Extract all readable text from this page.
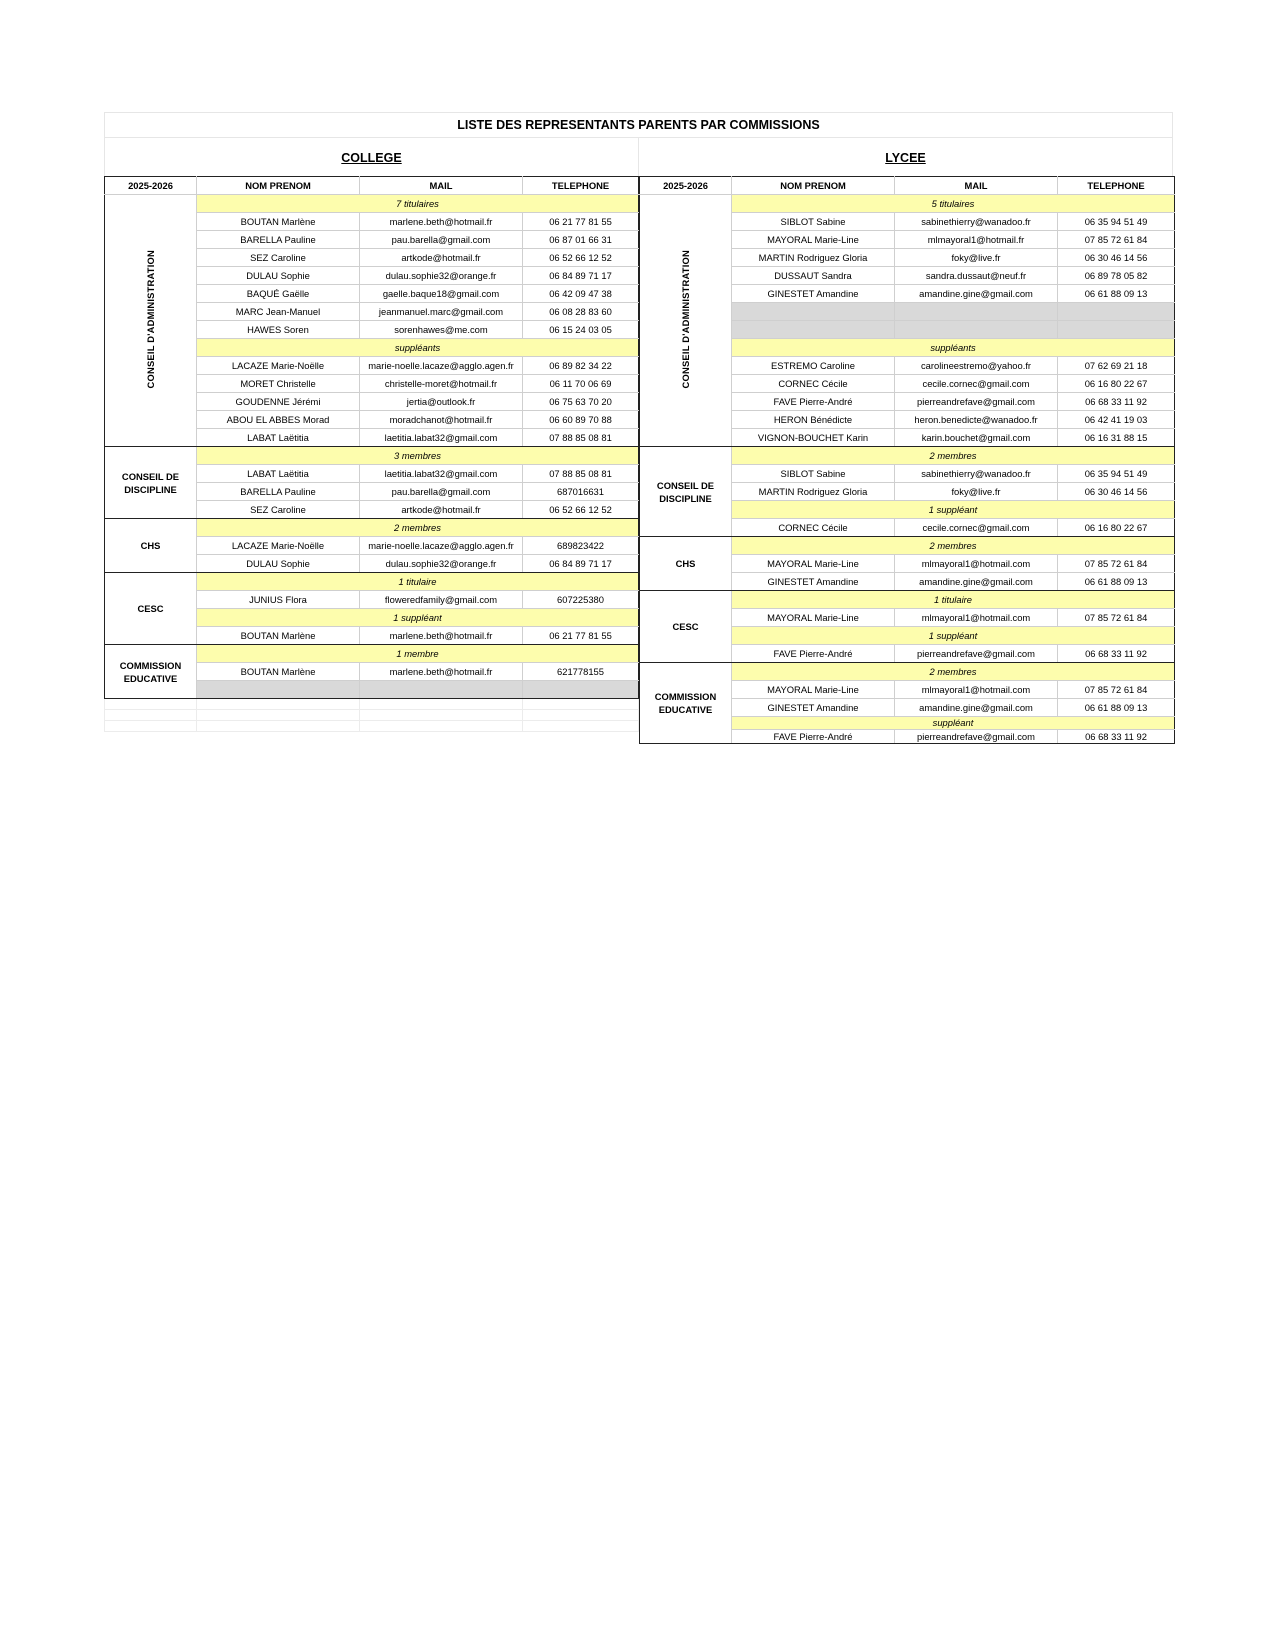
LISTE DES REPRESENTANTS PARENTS PAR COMMISSIONS
COLLEGE	LYCEE
2025-2026	NOM PRENOM	MAIL	TELEPHONE
CONSEIL D'ADMINISTRATION	7 titulaires		
	BOUTAN Marlène	marlene.beth@hotmail.fr	06 21 77 81 55
	BARELLA Pauline	pau.barella@gmail.com	06 87 01 66 31
	SEZ Caroline	artkode@hotmail.fr	06 52 66 12 52
	DULAU Sophie	dulau.sophie32@orange.fr	06 84 89 71 17
	BAQUÉ Gaëlle	gaelle.baque18@gmail.com	06 42 09 47 38
	MARC Jean-Manuel	jeanmanuel.marc@gmail.com	06 08 28 83 60
	HAWES Soren	sorenhawes@me.com	06 15 24 03 05
	suppléants		
	LACAZE Marie-Noëlle	marie-noelle.lacaze@agglo.agen.fr	06 89 82 34 22
	MORET Christelle	christelle-moret@hotmail.fr	06 11 70 06 69
	GOUDENNE Jérémi	jertia@outlook.fr	06 75 63 70 20
	ABOU EL ABBES Morad	moradchanot@hotmail.fr	06 60 89 70 88
	LABAT Laëtitia	laetitia.labat32@gmail.com	07 88 85 08 81
CONSEIL DE DISCIPLINE	3 membres		
	LABAT Laëtitia	laetitia.labat32@gmail.com	07 88 85 08 81
	BARELLA Pauline	pau.barella@gmail.com	687016631
	SEZ Caroline	artkode@hotmail.fr	06 52 66 12 52
CHS	2 membres		
	LACAZE Marie-Noëlle	marie-noelle.lacaze@agglo.agen.fr	689823422
	DULAU Sophie	dulau.sophie32@orange.fr	06 84 89 71 17
CESC	1 titulaire		
	JUNIUS Flora	floweredfamily@gmail.com	607225380
	1 suppléant		
	BOUTAN Marlène	marlene.beth@hotmail.fr	06 21 77 81 55
COMMISSION EDUCATIVE	1 membre		
	BOUTAN Marlène	marlene.beth@hotmail.fr	621778155

2025-2026	NOM PRENOM	MAIL	TELEPHONE
CONSEIL D'ADMINISTRATION	5 titulaires		
	SIBLOT Sabine	sabinethierry@wanadoo.fr	06 35 94 51 49
	MAYORAL Marie-Line	mlmayoral1@hotmail.fr	07 85 72 61 84
	MARTIN Rodriguez Gloria	foky@live.fr	06 30 46 14 56
	DUSSAUT Sandra	sandra.dussaut@neuf.fr	06 89 78 05 82
	GINESTET Amandine	amandine.gine@gmail.com	06 61 88 09 13

	suppléants		
	ESTREMO Caroline	carolineestremo@yahoo.fr	07 62 69 21 18
	CORNEC Cécile	cecile.cornec@gmail.com	06 16 80 22 67
	FAVE Pierre-André	pierreandrefave@gmail.com	06 68 33 11 92
	HERON Bénédicte	heron.benedicte@wanadoo.fr	06 42 41 19 03
	VIGNON-BOUCHET Karin	karin.bouchet@gmail.com	06 16 31 88 15
CONSEIL DE DISCIPLINE	2 membres		
	SIBLOT Sabine	sabinethierry@wanadoo.fr	06 35 94 51 49
	MARTIN Rodriguez Gloria	foky@live.fr	06 30 46 14 56
	1 suppléant		
	CORNEC Cécile	cecile.cornec@gmail.com	06 16 80 22 67
CHS	2 membres		
	MAYORAL Marie-Line	mlmayoral1@hotmail.com	07 85 72 61 84
	GINESTET Amandine	amandine.gine@gmail.com	06 61 88 09 13
CESC	1 titulaire		
	MAYORAL Marie-Line	mlmayoral1@hotmail.com	07 85 72 61 84
	1 suppléant		
	FAVE Pierre-André	pierreandrefave@gmail.com	06 68 33 11 92
COMMISSION EDUCATIVE	2 membres		
	MAYORAL Marie-Line	mlmayoral1@hotmail.com	07 85 72 61 84
	GINESTET Amandine	amandine.gine@gmail.com	06 61 88 09 13
	suppléant		
	FAVE Pierre-André	pierreandrefave@gmail.com	06 68 33 11 92
